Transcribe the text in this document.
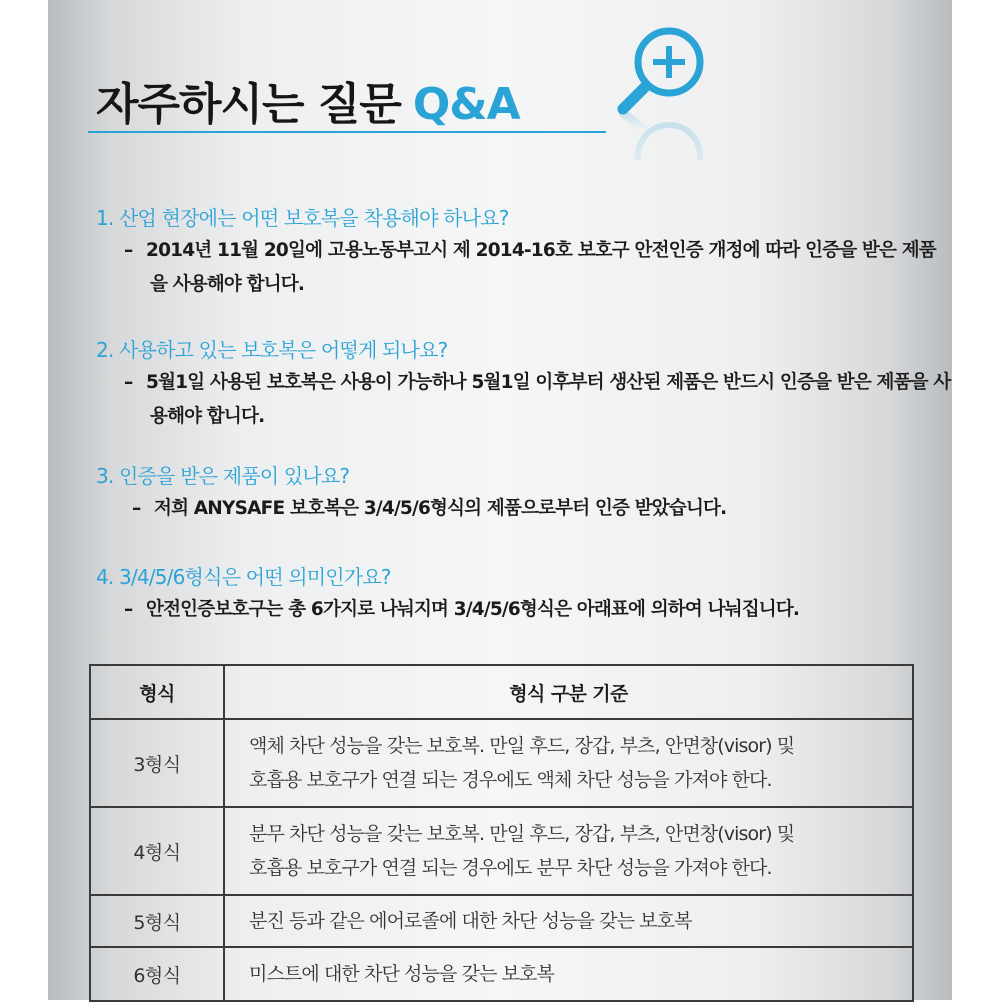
자주하시는 질문 Q&A
1. 산업 현장에는 어떤 보호복을 착용해야 하나요?
– 2014년 11월 20일에 고용노동부고시 제 2014-16호 보호구 안전인증 개정에 따라 인증을 받은 제품을 사용해야 합니다.
2. 사용하고 있는 보호복은 어떻게 되나요?
– 5월1일 사용된 보호복은 사용이 가능하나 5월1일 이후부터 생산된 제품은 반드시 인증을 받은 제품을 사용해야 합니다.
3. 인증을 받은 제품이 있나요?
– 저희 ANYSAFE 보호복은 3/4/5/6형식의 제품으로부터 인증 받았습니다.
4. 3/4/5/6형식은 어떤 의미인가요?
– 안전인증보호구는 총 6가지로 나눠지며 3/4/5/6형식은 아래표에 의하여 나눠집니다.
형식	형식 구분 기준
3형식	액체 차단 성능을 갖는 보호복. 만일 후드, 장갑, 부츠, 안면창(visor) 및
호흡용 보호구가 연결 되는 경우에도 액체 차단 성능을 가져야 한다.
4형식	분무 차단 성능을 갖는 보호복. 만일 후드, 장갑, 부츠, 안면창(visor) 및
호흡용 보호구가 연결 되는 경우에도 분무 차단 성능을 가져야 한다.
5형식	분진 등과 같은 에어로졸에 대한 차단 성능을 갖는 보호복
6형식	미스트에 대한 차단 성능을 갖는 보호복
